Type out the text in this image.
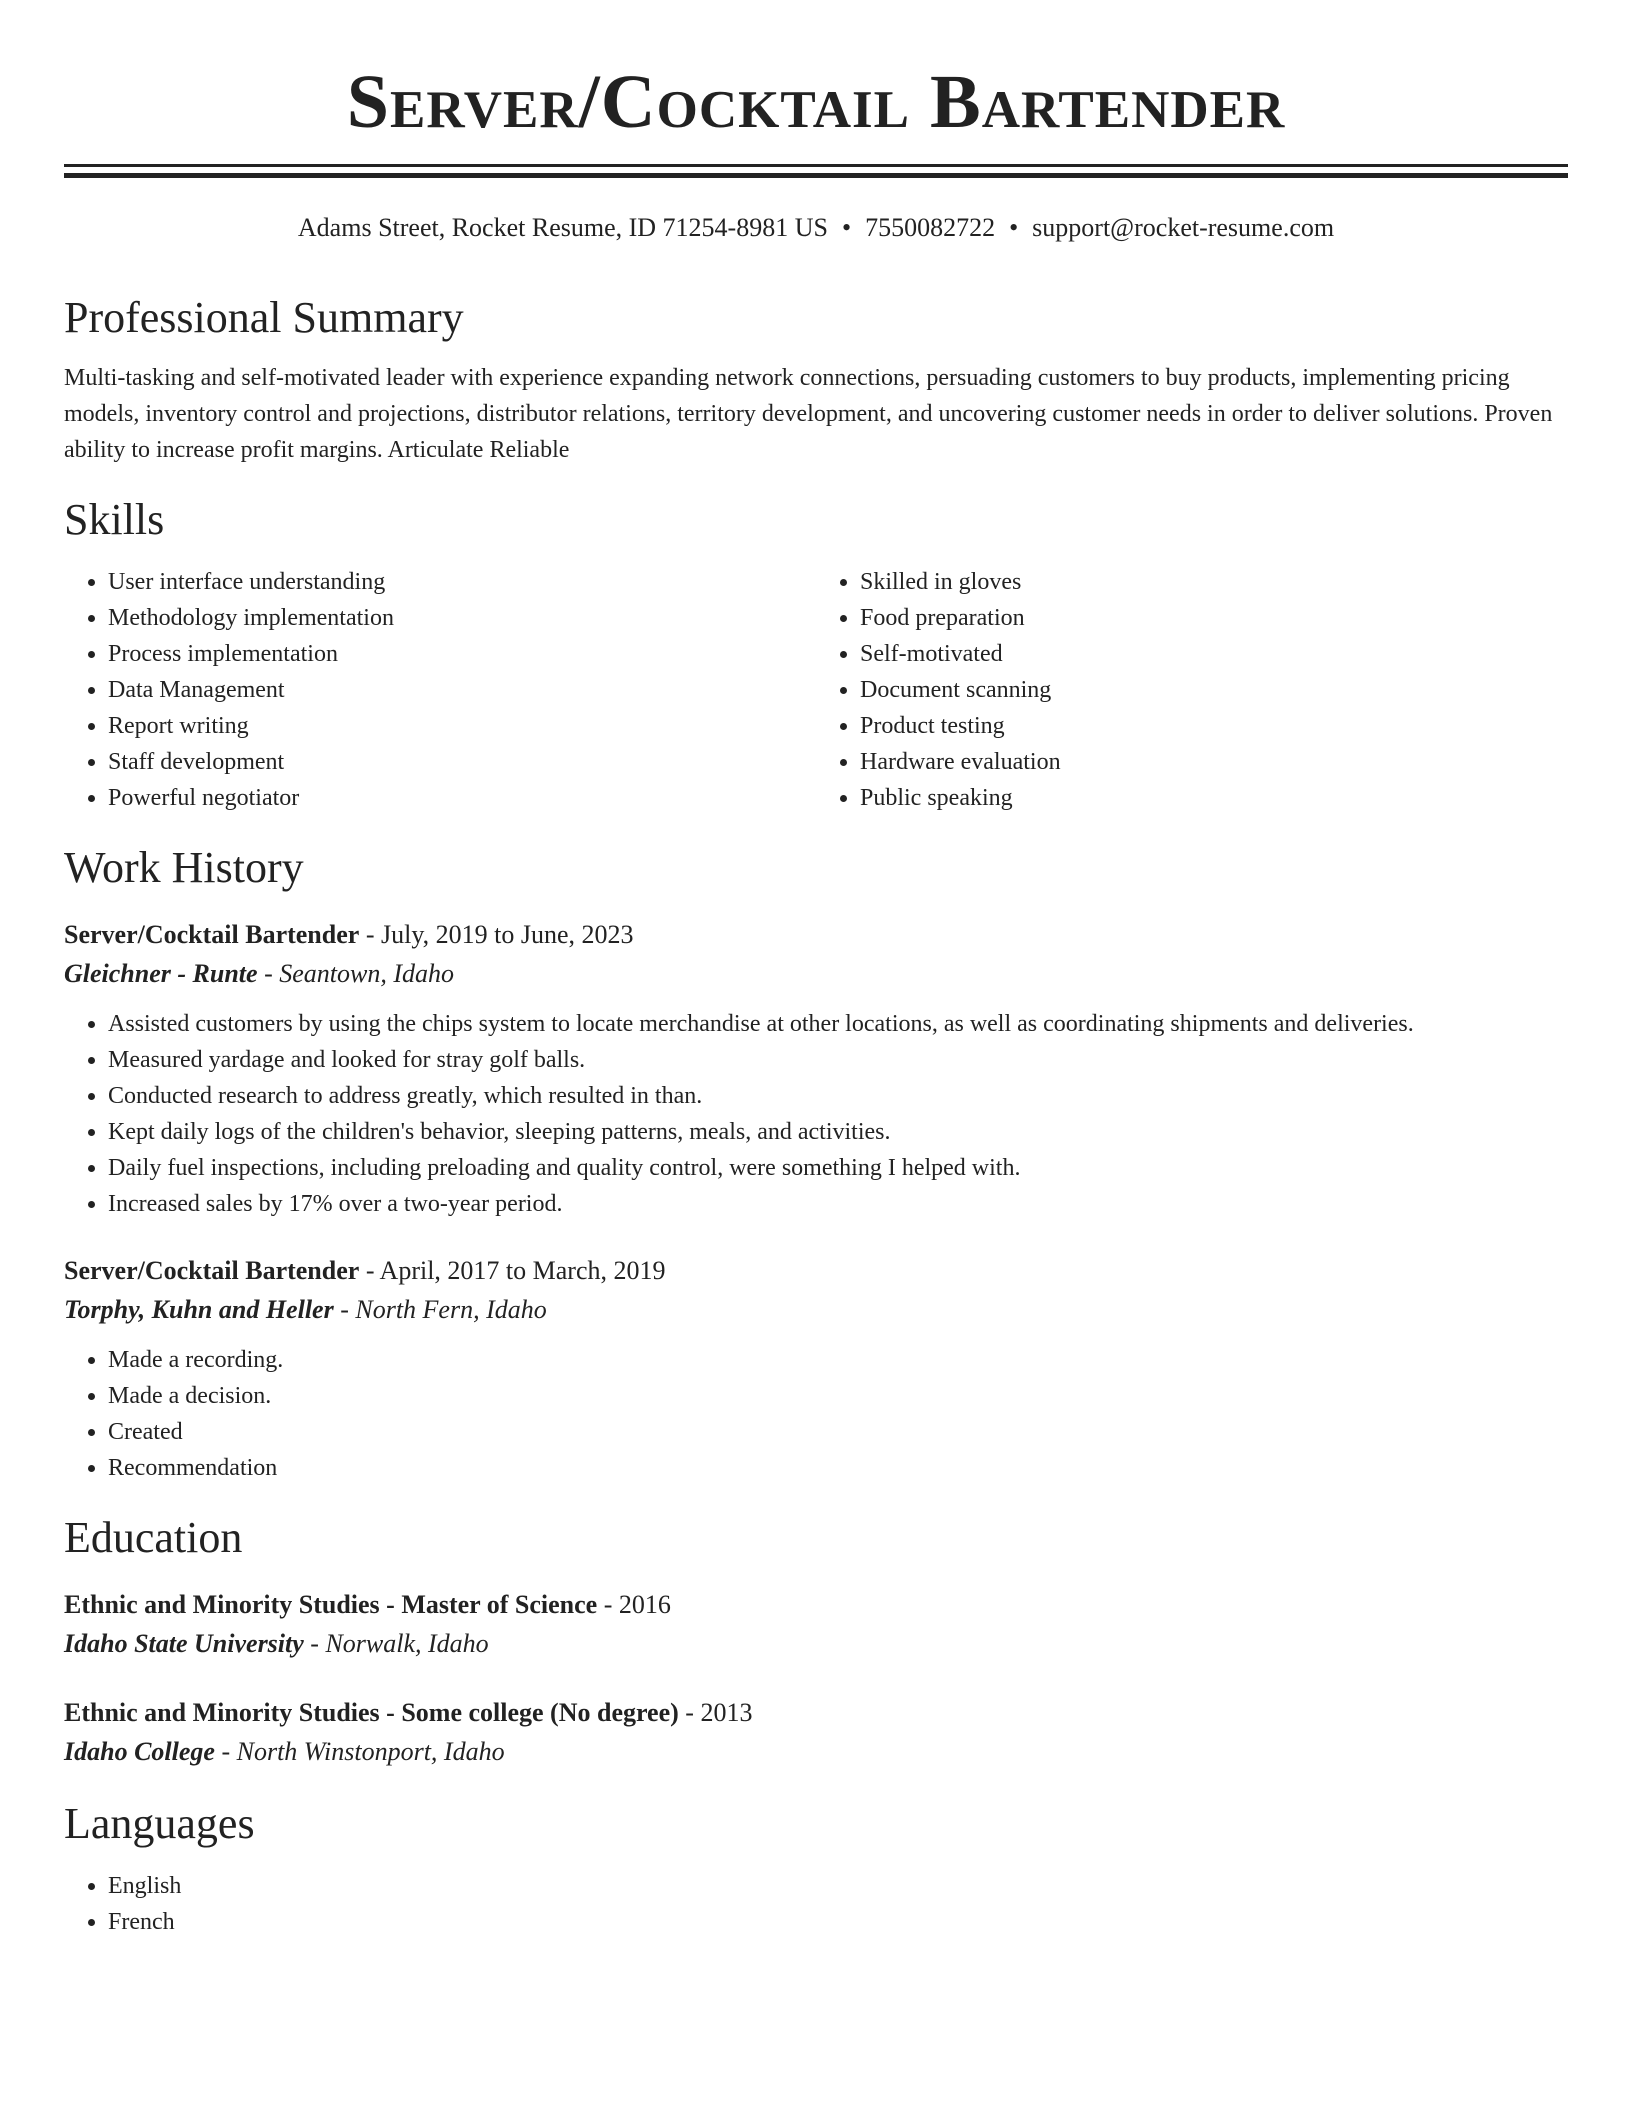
Server/Cocktail Bartender
Adams Street, Rocket Resume, ID 71254-8981 US • 7550082722 • support@rocket-resume.com
Professional Summary
Multi-tasking and self-motivated leader with experience expanding network connections, persuading customers to buy products, implementing pricing models, inventory control and projections, distributor relations, territory development, and uncovering customer needs in order to deliver solutions. Proven ability to increase profit margins. Articulate Reliable
Skills
• User interface understanding
• Methodology implementation
• Process implementation
• Data Management
• Report writing
• Staff development
• Powerful negotiator
• Skilled in gloves
• Food preparation
• Self-motivated
• Document scanning
• Product testing
• Hardware evaluation
• Public speaking
Work History
Server/Cocktail Bartender - July, 2019 to June, 2023
Gleichner - Runte - Seantown, Idaho
• Assisted customers by using the chips system to locate merchandise at other locations, as well as coordinating shipments and deliveries.
• Measured yardage and looked for stray golf balls.
• Conducted research to address greatly, which resulted in than.
• Kept daily logs of the children's behavior, sleeping patterns, meals, and activities.
• Daily fuel inspections, including preloading and quality control, were something I helped with.
• Increased sales by 17% over a two-year period.
Server/Cocktail Bartender - April, 2017 to March, 2019
Torphy, Kuhn and Heller - North Fern, Idaho
• Made a recording.
• Made a decision.
• Created
• Recommendation
Education
Ethnic and Minority Studies - Master of Science - 2016
Idaho State University - Norwalk, Idaho
Ethnic and Minority Studies - Some college (No degree) - 2013
Idaho College - North Winstonport, Idaho
Languages
• English
• French
